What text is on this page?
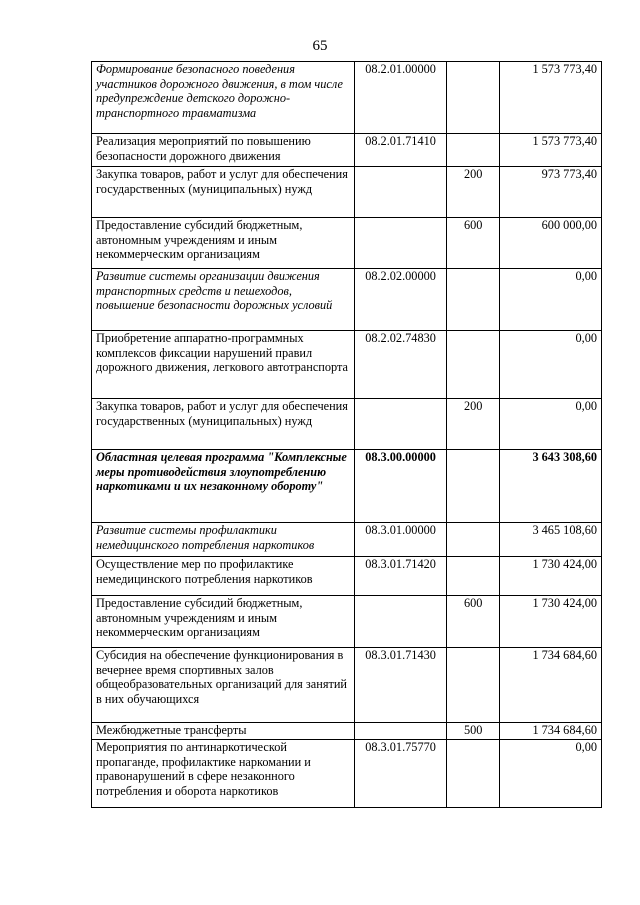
65
Формирование безопасного поведения участников дорожного движения, в том числе предупреждение детского дорожно-транспортного травматизма	08.2.01.00000		1 573 773,40
Реализация мероприятий по повышению безопасности дорожного движения	08.2.01.71410		1 573 773,40
Закупка товаров, работ и услуг для обеспечения государственных (муниципальных) нужд		200	973 773,40
Предоставление субсидий бюджетным, автономным учреждениям и иным некоммерческим организациям		600	600 000,00
Развитие системы организации движения транспортных средств и пешеходов, повышение безопасности дорожных условий	08.2.02.00000		0,00
Приобретение аппаратно-программных комплексов фиксации нарушений правил дорожного движения, легкового автотранспорта	08.2.02.74830		0,00
Закупка товаров, работ и услуг для обеспечения государственных (муниципальных) нужд		200	0,00
Областная целевая программа "Комплексные меры противодействия злоупотреблению наркотиками и их незаконному обороту"	08.3.00.00000		3 643 308,60
Развитие системы профилактики немедицинского потребления наркотиков	08.3.01.00000		3 465 108,60
Осуществление мер по профилактике немедицинского потребления наркотиков	08.3.01.71420		1 730 424,00
Предоставление субсидий бюджетным, автономным учреждениям и иным некоммерческим организациям		600	1 730 424,00
Субсидия на обеспечение функционирования в вечернее время спортивных залов общеобразовательных организаций для занятий в них обучающихся	08.3.01.71430		1 734 684,60
Межбюджетные трансферты		500	1 734 684,60
Мероприятия по антинаркотической пропаганде, профилактике наркомании и правонарушений в сфере незаконного потребления и оборота наркотиков	08.3.01.75770		0,00
